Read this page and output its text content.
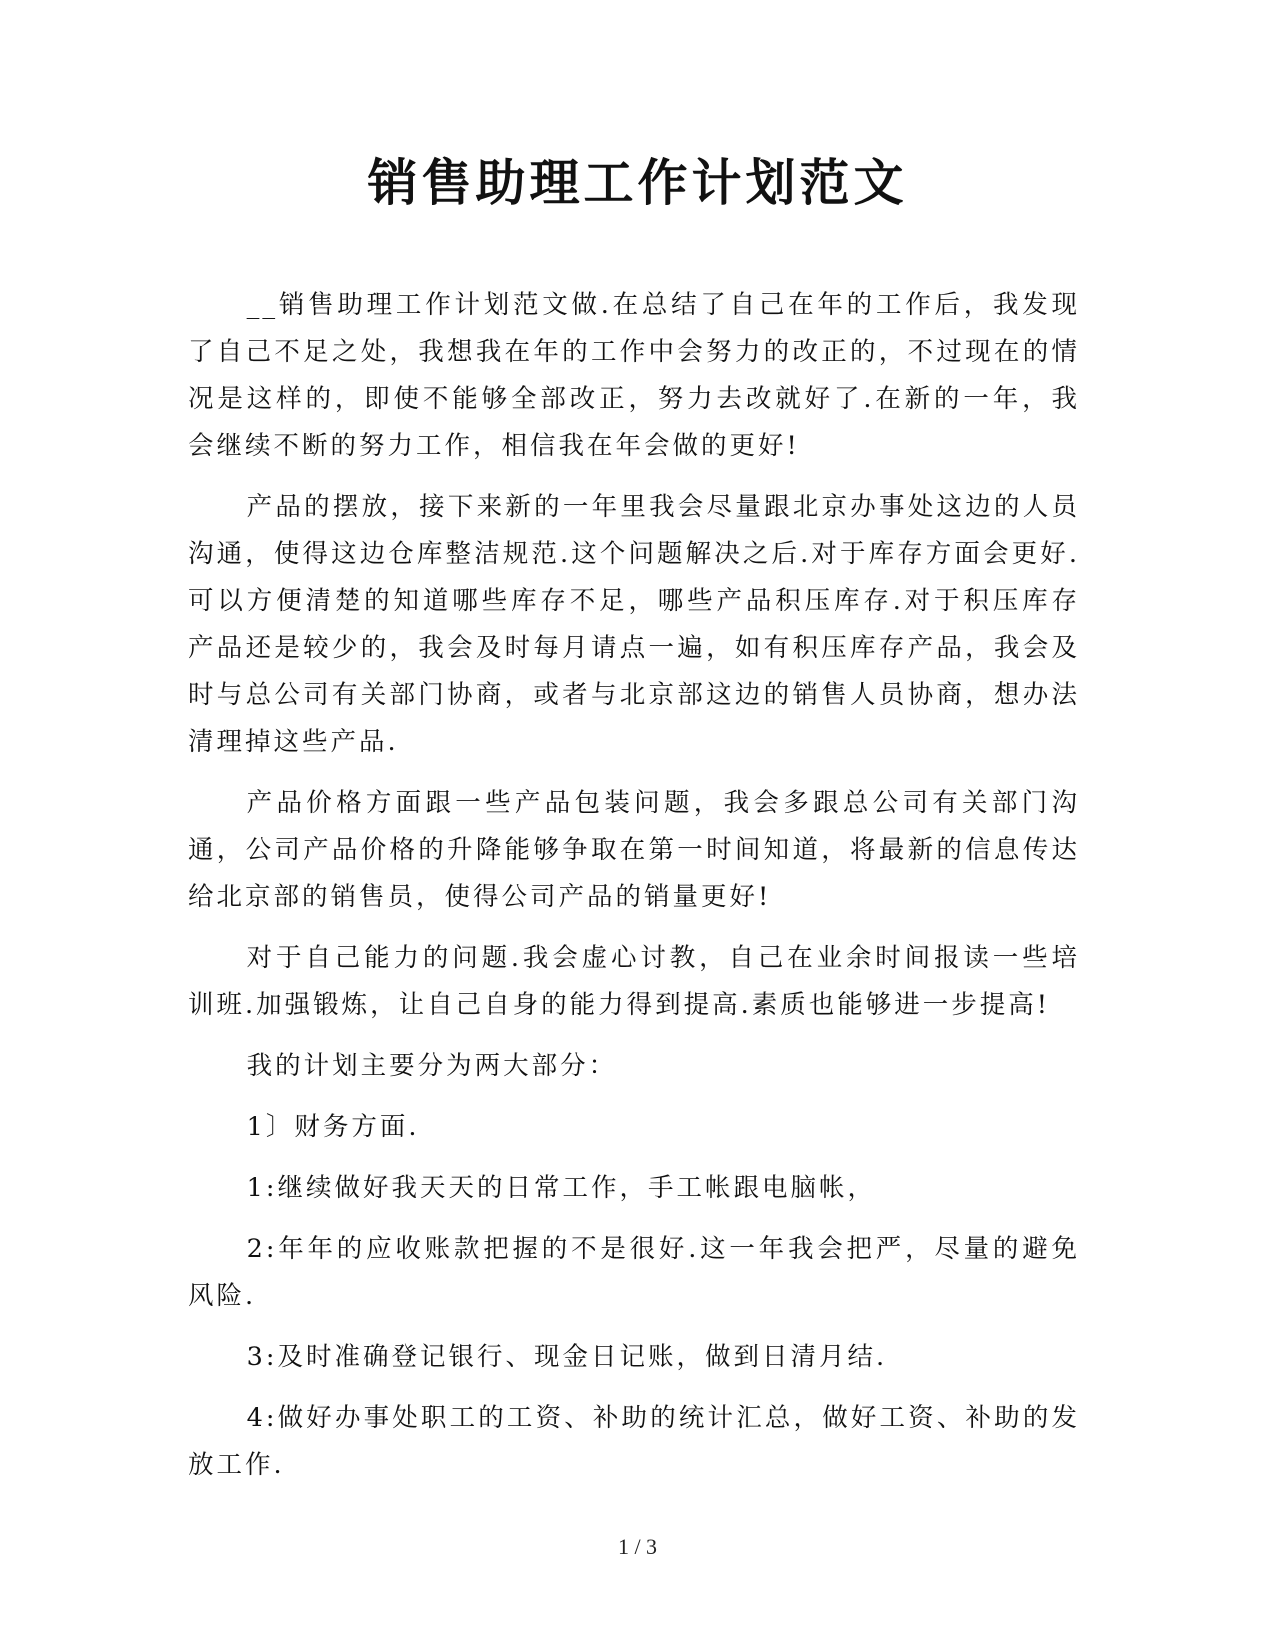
销售助理工作计划范文

__销售助理工作计划范文做.在总结了自己在年的工作后，我发现了自己不足之处，我想我在年的工作中会努力的改正的，不过现在的情况是这样的，即使不能够全部改正，努力去改就好了.在新的一年，我会继续不断的努力工作，相信我在年会做的更好!

产品的摆放，接下来新的一年里我会尽量跟北京办事处这边的人员沟通，使得这边仓库整洁规范.这个问题解决之后.对于库存方面会更好.可以方便清楚的知道哪些库存不足，哪些产品积压库存.对于积压库存产品还是较少的，我会及时每月请点一遍，如有积压库存产品，我会及时与总公司有关部门协商，或者与北京部这边的销售人员协商，想办法清理掉这些产品.

产品价格方面跟一些产品包装问题，我会多跟总公司有关部门沟通，公司产品价格的升降能够争取在第一时间知道，将最新的信息传达给北京部的销售员，使得公司产品的销量更好!

对于自己能力的问题.我会虚心讨教，自己在业余时间报读一些培训班.加强锻炼，让自己自身的能力得到提高.素质也能够进一步提高!

我的计划主要分为两大部分：

1〕财务方面.

1:继续做好我天天的日常工作，手工帐跟电脑帐，

2:年年的应收账款把握的不是很好.这一年我会把严，尽量的避免风险.

3:及时准确登记银行、现金日记账，做到日清月结.

4:做好办事处职工的工资、补助的统计汇总，做好工资、补助的发放工作.

1 / 3
